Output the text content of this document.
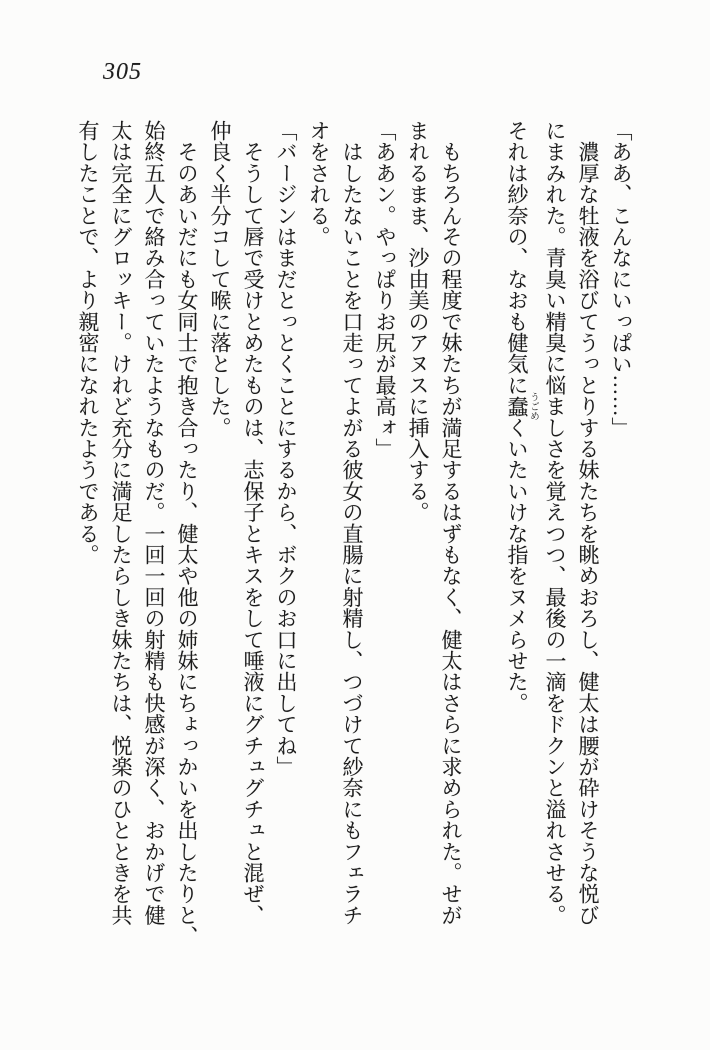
305
「ああ、こんなにいっぱい……」
　濃厚な牡液を浴びてうっとりする妹たちを眺めおろし、健太は腰が砕けそうな悦び
にまみれた。青臭い精臭に悩ましさを覚えつつ、最後の一滴をドクンと溢れさせる。
それは紗奈の、なおも健気に蠢 うごめくいたいけな指をヌメらせた。
　もちろんその程度で妹たちが満足するはずもなく、健太はさらに求められた。せが
まれるまま、沙由美のアヌスに挿入する。
「ああン。やっぱりお尻が最高ォ」
　はしたないことを口走ってよがる彼女の直腸に射精し、つづけて紗奈にもフェラチ
オをされる。
「バージンはまだとっとくことにするから、ボクのお口に出してね」
　そうして唇で受けとめたものは、志保子とキスをして唾液にグチュグチュと混ぜ、
仲良く半分コして喉に落とした。
　そのあいだにも女同士で抱き合ったり、健太や他の姉妹にちょっかいを出したりと、
始終五人で絡み合っていたようなものだ。一回一回の射精も快感が深く、おかげで健
太は完全にグロッキー。けれど充分に満足したらしき妹たちは、悦楽のひとときを共
有したことで、より親密になれたようである。
